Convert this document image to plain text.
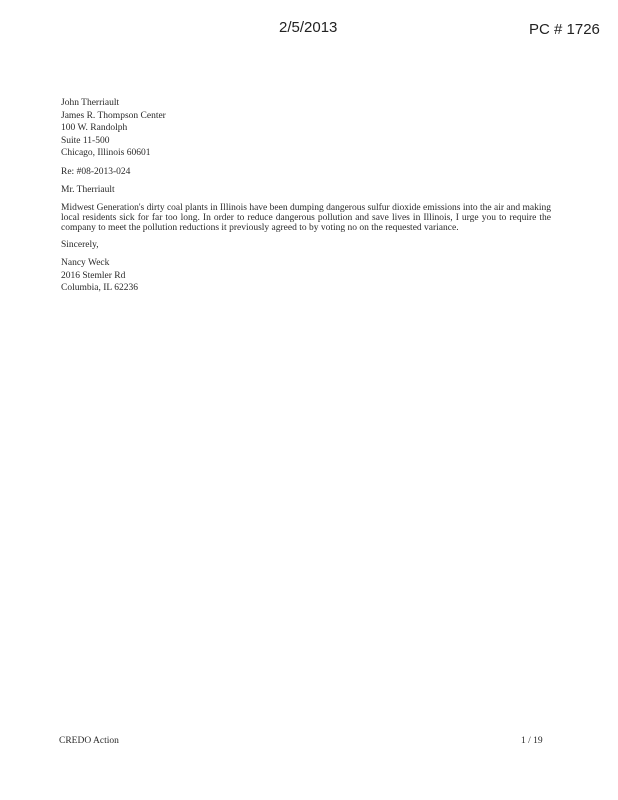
2/5/2013	PC # 1726
John Therriault
James R. Thompson Center
100 W. Randolph
Suite 11-500
Chicago, Illinois 60601
Re: #08-2013-024
Mr. Therriault
Midwest Generation's dirty coal plants in Illinois have been dumping dangerous sulfur dioxide emissions into the air and making local residents sick for far too long. In order to reduce dangerous pollution and save lives in Illinois, I urge you to require the company to meet the pollution reductions it previously agreed to by voting no on the requested variance.
Sincerely,
Nancy Weck
2016 Stemler Rd
Columbia, IL 62236
CREDO Action	1 / 19
